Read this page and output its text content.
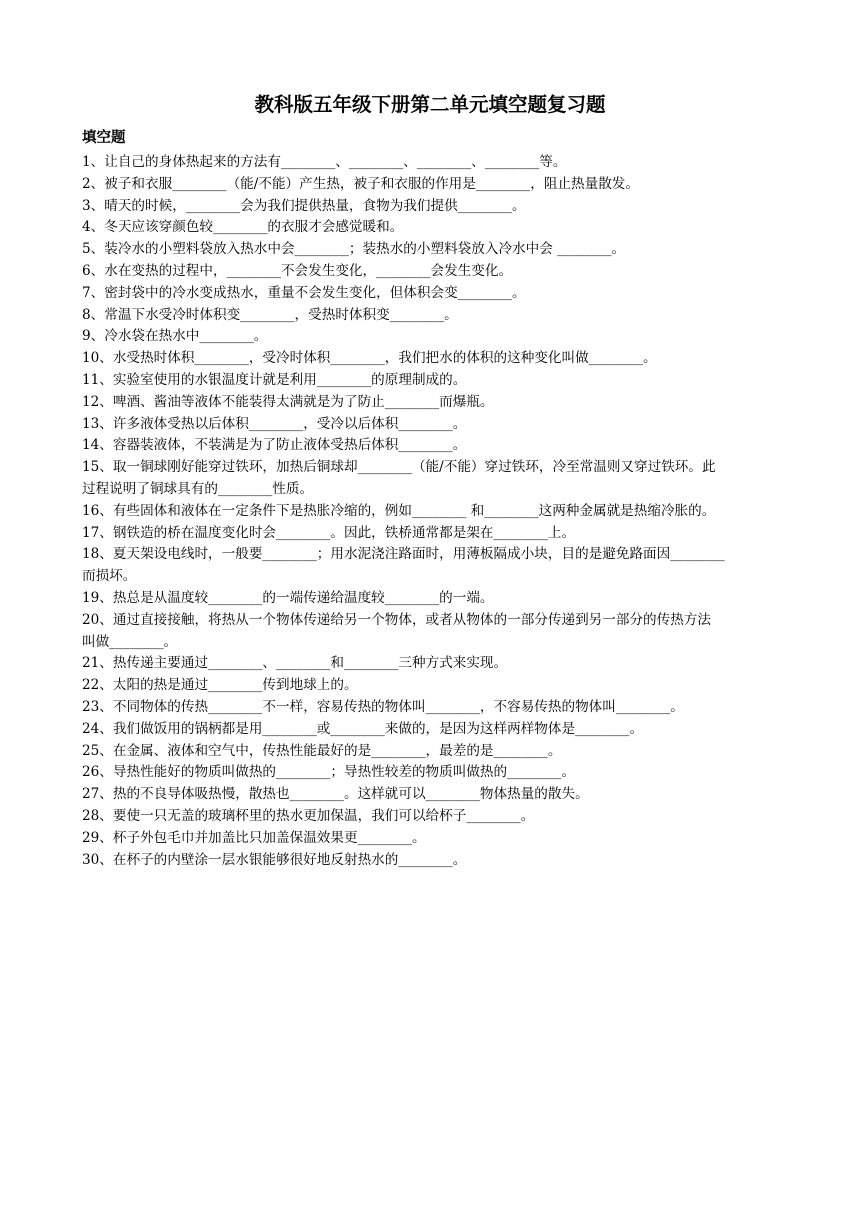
教科版五年级下册第二单元填空题复习题
填空题
1、让自己的身体热起来的方法有________、________、________、________等。
2、被子和衣服________（能/不能）产生热，被子和衣服的作用是________，阻止热量散发。
3、晴天的时候，________会为我们提供热量，食物为我们提供________。
4、冬天应该穿颜色较________的衣服才会感觉暖和。
5、装冷水的小塑料袋放入热水中会________；装热水的小塑料袋放入冷水中会 ________。
6、水在变热的过程中，________不会发生变化，________会发生变化。
7、密封袋中的冷水变成热水，重量不会发生变化，但体积会变________。
8、常温下水受冷时体积变________，受热时体积变________。
9、冷水袋在热水中________。
10、水受热时体积________，受冷时体积________，我们把水的体积的这种变化叫做________。
11、实验室使用的水银温度计就是利用________的原理制成的。
12、啤酒、酱油等液体不能装得太满就是为了防止________而爆瓶。
13、许多液体受热以后体积________，受冷以后体积________。
14、容器装液体，不装满是为了防止液体受热后体积________。
15、取一铜球刚好能穿过铁环，加热后铜球却________（能/不能）穿过铁环，冷至常温则又穿过铁环。此
过程说明了铜球具有的________性质。
16、有些固体和液体在一定条件下是热胀冷缩的，例如________ 和________这两种金属就是热缩冷胀的。
17、钢铁造的桥在温度变化时会________。因此，铁桥通常都是架在________上。
18、夏天架设电线时，一般要________；用水泥浇注路面时，用薄板隔成小块，目的是避免路面因________
而损坏。
19、热总是从温度较________的一端传递给温度较________的一端。
20、通过直接接触，将热从一个物体传递给另一个物体，或者从物体的一部分传递到另一部分的传热方法
叫做________。
21、热传递主要通过________、________和________三种方式来实现。
22、太阳的热是通过________传到地球上的。
23、不同物体的传热________不一样，容易传热的物体叫________，不容易传热的物体叫________。
24、我们做饭用的锅柄都是用________或________来做的，是因为这样两样物体是________。
25、在金属、液体和空气中，传热性能最好的是________，最差的是________。
26、导热性能好的物质叫做热的________；导热性较差的物质叫做热的________。
27、热的不良导体吸热慢，散热也________。这样就可以________物体热量的散失。
28、要使一只无盖的玻璃杯里的热水更加保温，我们可以给杯子________。
29、杯子外包毛巾并加盖比只加盖保温效果更________。
30、在杯子的内壁涂一层水银能够很好地反射热水的________。
